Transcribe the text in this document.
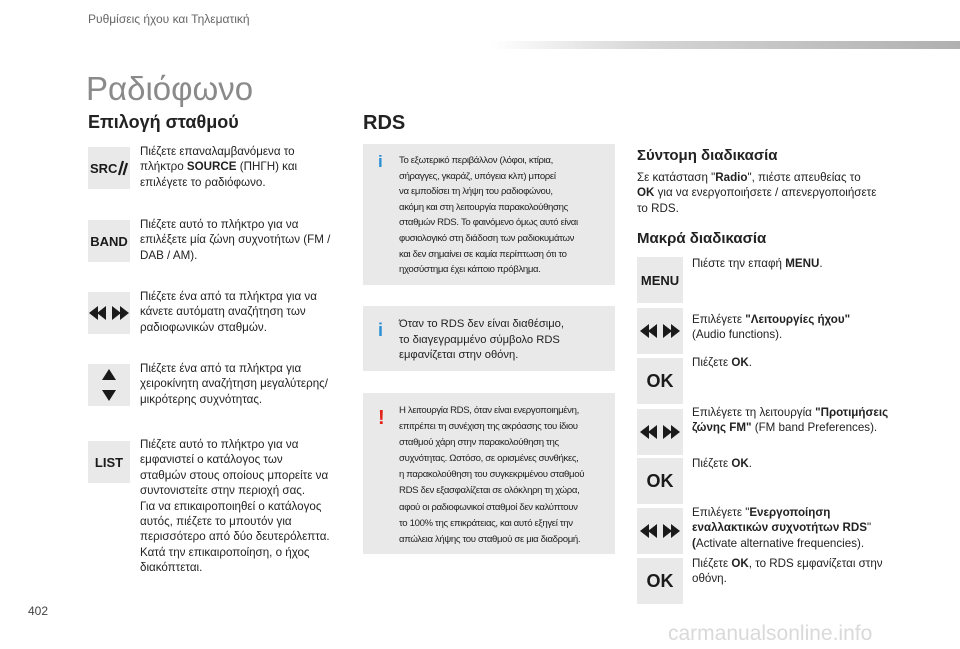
Ρυθμίσεις ήχου και Τηλεματική
Ραδιόφωνο
Επιλογή σταθμού
SRC
Πιέζετε επαναλαμβανόμενα το
πλήκτρο SOURCE (ΠΗΓΗ) και
επιλέγετε το ραδιόφωνο.
BAND
Πιέζετε αυτό το πλήκτρο για να
επιλέξετε μία ζώνη συχνοτήτων (FM /
DAB / AM).
Πιέζετε ένα από τα πλήκτρα για να
κάνετε αυτόματη αναζήτηση των
ραδιοφωνικών σταθμών.
Πιέζετε ένα από τα πλήκτρα για
χειροκίνητη αναζήτηση μεγαλύτερης/
μικρότερης συχνότητας.
LIST
Πιέζετε αυτό το πλήκτρο για να
εμφανιστεί ο κατάλογος των
σταθμών στους οποίους μπορείτε να
συντονιστείτε στην περιοχή σας.
Για να επικαιροποιηθεί ο κατάλογος
αυτός, πιέζετε το μπουτόν για
περισσότερο από δύο δευτερόλεπτα.
Κατά την επικαιροποίηση, ο ήχος
διακόπτεται.
RDS
i Το εξωτερικό περιβάλλον (λόφοι, κτίρια,
σήραγγες, γκαράζ, υπόγεια κλπ) μπορεί
να εμποδίσει τη λήψη του ραδιοφώνου,
ακόμη και στη λειτουργία παρακολούθησης
σταθμών RDS. Το φαινόμενο όμως αυτό είναι
φυσιολογικό στη διάδοση των ραδιοκυμάτων
και δεν σημαίνει σε καμία περίπτωση ότι το
ηχοσύστημα έχει κάποιο πρόβλημα.
i Όταν το RDS δεν είναι διαθέσιμο,
το διαγεγραμμένο σύμβολο RDS
εμφανίζεται στην οθόνη.
! Η λειτουργία RDS, όταν είναι ενεργοποιημένη,
επιτρέπει τη συνέχιση της ακρόασης του ίδιου
σταθμού χάρη στην παρακολούθηση της
συχνότητας. Ωστόσο, σε ορισμένες συνθήκες,
η παρακολούθηση του συγκεκριμένου σταθμού
RDS δεν εξασφαλίζεται σε ολόκληρη τη χώρα,
αφού οι ραδιοφωνικοί σταθμοί δεν καλύπτουν
το 100% της επικράτειας, και αυτό εξηγεί την
απώλεια λήψης του σταθμού σε μια διαδρομή.
Σύντομη διαδικασία
Σε κατάσταση "Radio", πιέστε απευθείας το
OK για να ενεργοποιήσετε / απενεργοποιήσετε
το RDS.
Μακρά διαδικασία
MENU
Πιέστε την επαφή MENU.
Επιλέγετε "Λειτουργίες ήχου"
(Audio functions).
OK
Πιέζετε OK.
Επιλέγετε τη λειτουργία "Προτιμήσεις
ζώνης FM" (FM band Preferences).
OK
Πιέζετε OK.
Επιλέγετε "Ενεργοποίηση
εναλλακτικών συχνοτήτων RDS"
(Activate alternative frequencies).
OK
Πιέζετε OK, το RDS εμφανίζεται στην
οθόνη.
402
carmanualsonline.info
